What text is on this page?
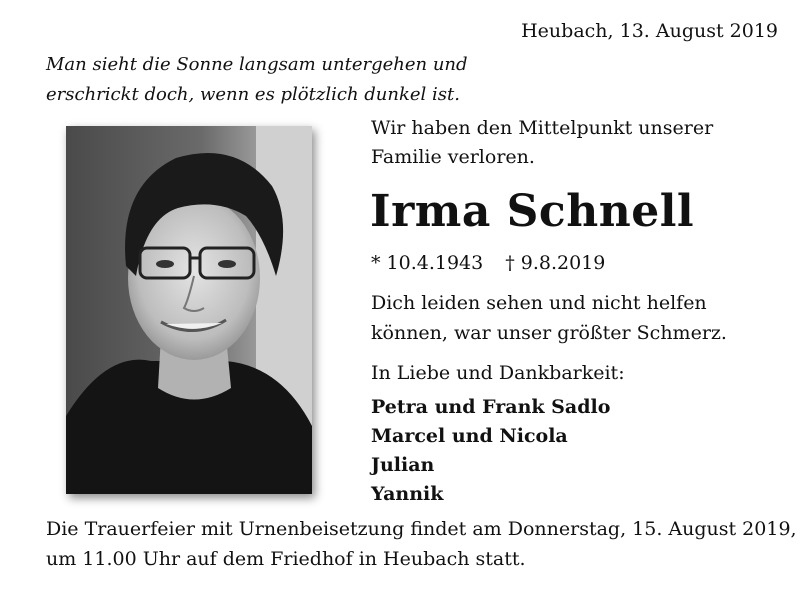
Heubach, 13. August 2019
Man sieht die Sonne langsam untergehen und
erschrickt doch, wenn es plötzlich dunkel ist.
Wir haben den Mittelpunkt unserer
Familie verloren.
Irma Schnell
* 10.4.1943 † 9.8.2019
Dich leiden sehen und nicht helfen
können, war unser größter Schmerz.
In Liebe und Dankbarkeit:
Petra und Frank Sadlo
Marcel und Nicola
Julian
Yannik
Die Trauerfeier mit Urnenbeisetzung findet am Donnerstag, 15. August 2019,
um 11.00 Uhr auf dem Friedhof in Heubach statt.
